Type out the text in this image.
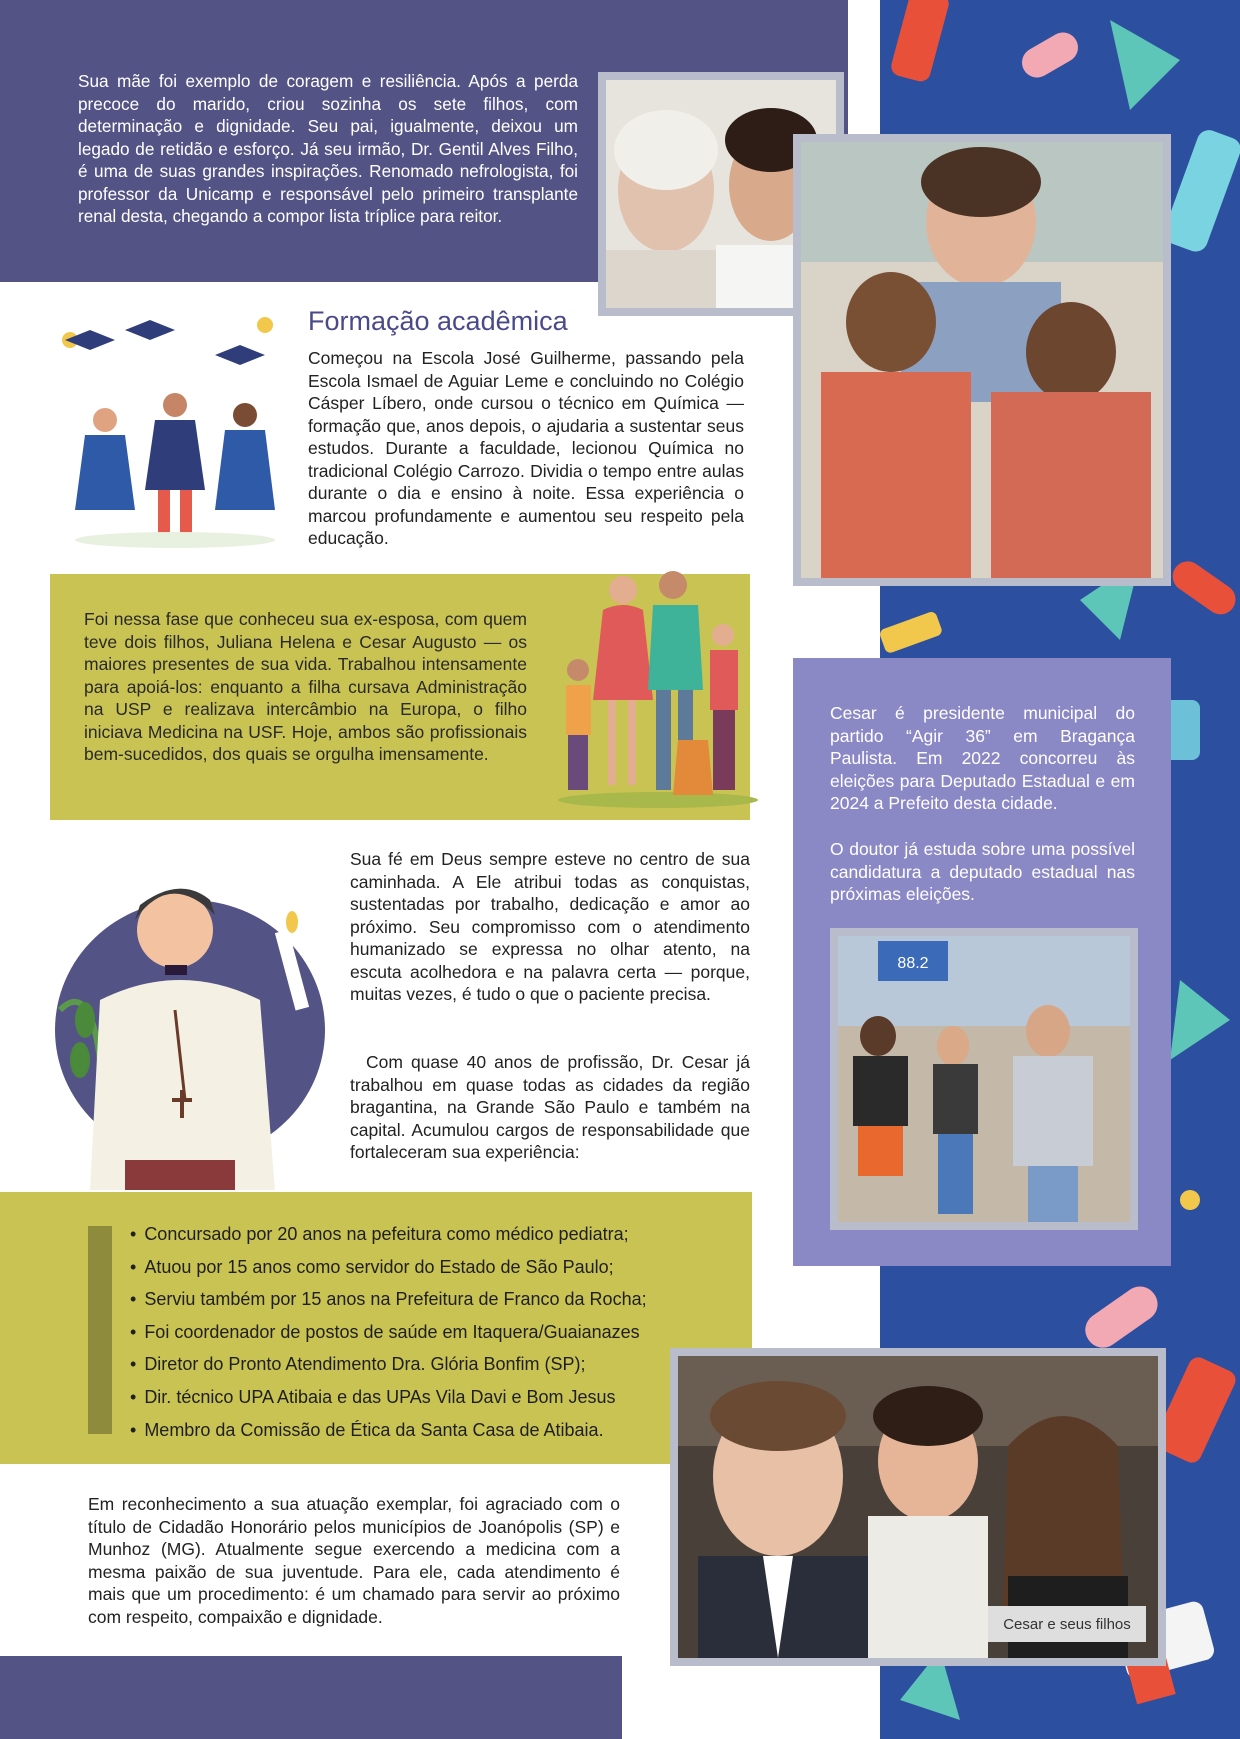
Sua mãe foi exemplo de coragem e resiliência. Após a perda precoce do marido, criou sozinha os sete filhos, com determinação e dignidade. Seu pai, igualmente, deixou um legado de retidão e esforço. Já seu irmão, Dr. Gentil Alves Filho, é uma de suas grandes inspirações. Renomado nefrologista, foi professor da Unicamp e responsável pelo primeiro transplante renal desta, chegando a compor lista tríplice para reitor.

Formação acadêmica

Começou na Escola José Guilherme, passando pela Escola Ismael de Aguiar Leme e concluindo no Colégio Cásper Líbero, onde cursou o técnico em Química — formação que, anos depois, o ajudaria a sustentar seus estudos. Durante a faculdade, lecionou Química no tradicional Colégio Carrozo. Dividia o tempo entre aulas durante o dia e ensino à noite. Essa experiência o marcou profundamente e aumentou seu respeito pela educação.

Foi nessa fase que conheceu sua ex-esposa, com quem teve dois filhos, Juliana Helena e Cesar Augusto — os maiores presentes de sua vida. Trabalhou intensamente para apoiá-los: enquanto a filha cursava Administração na USP e realizava intercâmbio na Europa, o filho iniciava Medicina na USF. Hoje, ambos são profissionais bem-sucedidos, dos quais se orgulha imensamente.

Cesar é presidente municipal do partido “Agir 36” em Bragança Paulista. Em 2022 concorreu às eleições para Deputado Estadual e em 2024 a Prefeito desta cidade.

O doutor já estuda sobre uma possível candidatura a deputado estadual nas próximas eleições.

88.2

Sua fé em Deus sempre esteve no centro de sua caminhada. A Ele atribui todas as conquistas, sustentadas por trabalho, dedicação e amor ao próximo. Seu compromisso com o atendimento humanizado se expressa no olhar atento, na escuta acolhedora e na palavra certa — porque, muitas vezes, é tudo o que o paciente precisa.

Com quase 40 anos de profissão, Dr. Cesar já trabalhou em quase todas as cidades da região bragantina, na Grande São Paulo e também na capital. Acumulou cargos de responsabilidade que fortaleceram sua experiência:

• Concursado por 20 anos na pefeitura como médico pediatra;
• Atuou por 15 anos como servidor do Estado de São Paulo;
• Serviu também por 15 anos na Prefeitura de Franco da Rocha;
• Foi coordenador de postos de saúde em Itaquera/Guaianazes
• Diretor do Pronto Atendimento Dra. Glória Bonfim (SP);
• Dir. técnico UPA Atibaia e das UPAs Vila Davi e Bom Jesus
• Membro da Comissão de Ética da Santa Casa de Atibaia.

Em reconhecimento a sua atuação exemplar, foi agraciado com o título de Cidadão Honorário pelos municípios de Joanópolis (SP) e Munhoz (MG). Atualmente segue exercendo a medicina com a mesma paixão de sua juventude. Para ele, cada atendimento é mais que um procedimento: é um chamado para servir ao próximo com respeito, compaixão e dignidade.	Cesar e seus filhos
